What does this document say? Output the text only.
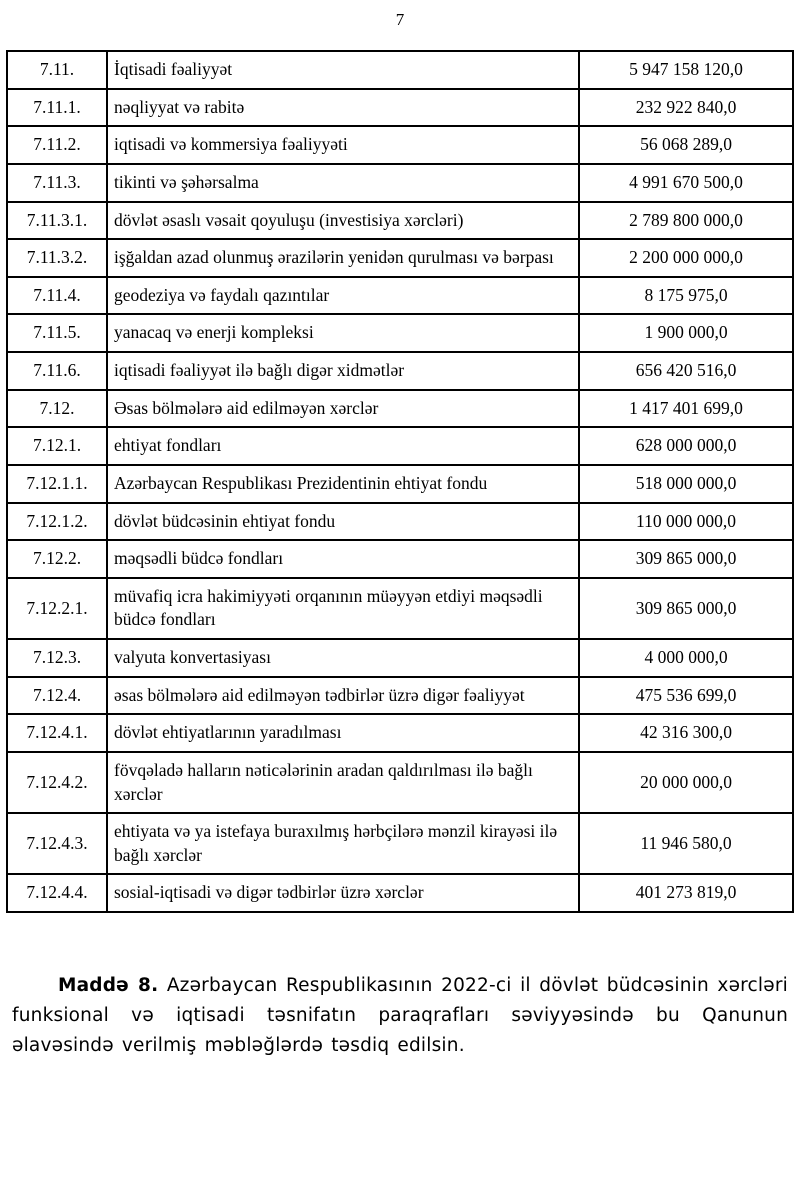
7
7.11.	İqtisadi fəaliyyət	5 947 158 120,0
7.11.1.	nəqliyyat və rabitə	232 922 840,0
7.11.2.	iqtisadi və kommersiya fəaliyyəti	56 068 289,0
7.11.3.	tikinti və şəhərsalma	4 991 670 500,0
7.11.3.1.	dövlət əsaslı vəsait qoyuluşu (investisiya xərcləri)	2 789 800 000,0
7.11.3.2.	işğaldan azad olunmuş ərazilərin yenidən qurulması və bərpası	2 200 000 000,0
7.11.4.	geodeziya və faydalı qazıntılar	8 175 975,0
7.11.5.	yanacaq və enerji kompleksi	1 900 000,0
7.11.6.	iqtisadi fəaliyyət ilə bağlı digər xidmətlər	656 420 516,0
7.12.	Əsas bölmələrə aid edilməyən xərclər	1 417 401 699,0
7.12.1.	ehtiyat fondları	628 000 000,0
7.12.1.1.	Azərbaycan Respublikası Prezidentinin ehtiyat fondu	518 000 000,0
7.12.1.2.	dövlət büdcəsinin ehtiyat fondu	110 000 000,0
7.12.2.	məqsədli büdcə fondları	309 865 000,0
7.12.2.1.	müvafiq icra hakimiyyəti orqanının müəyyən etdiyi məqsədli büdcə fondları	309 865 000,0
7.12.3.	valyuta konvertasiyası	4 000 000,0
7.12.4.	əsas bölmələrə aid edilməyən tədbirlər üzrə digər fəaliyyət	475 536 699,0
7.12.4.1.	dövlət ehtiyatlarının yaradılması	42 316 300,0
7.12.4.2.	fövqəladə halların nəticələrinin aradan qaldırılması ilə bağlı xərclər	20 000 000,0
7.12.4.3.	ehtiyata və ya istefaya buraxılmış hərbçilərə mənzil kirayəsi ilə bağlı xərclər	11 946 580,0
7.12.4.4.	sosial-iqtisadi və digər tədbirlər üzrə xərclər	401 273 819,0

Maddə 8. Azərbaycan Respublikasının 2022-ci il dövlət büdcəsinin xərcləri funksional və iqtisadi təsnifatın paraqrafları səviyyəsində bu Qanunun əlavəsində verilmiş məbləğlərdə təsdiq edilsin.
